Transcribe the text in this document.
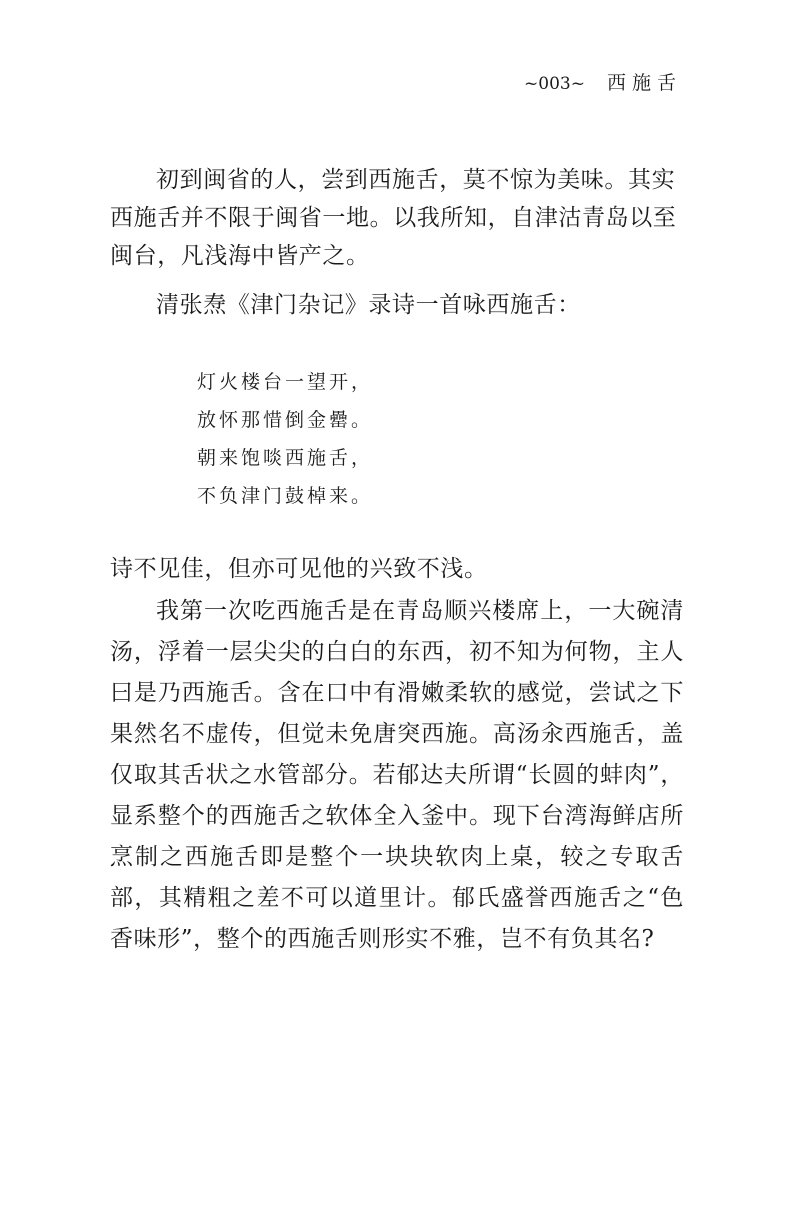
~003~ 西施舌

初到闽省的人，尝到西施舌，莫不惊为美味。其实西施舌并不限于闽省一地。以我所知，自津沽青岛以至闽台，凡浅海中皆产之。

清张焘《津门杂记》录诗一首咏西施舌：

灯火楼台一望开，
放怀那惜倒金罍。
朝来饱啖西施舌，
不负津门鼓棹来。

诗不见佳，但亦可见他的兴致不浅。

我第一次吃西施舌是在青岛顺兴楼席上，一大碗清汤，浮着一层尖尖的白白的东西，初不知为何物，主人曰是乃西施舌。含在口中有滑嫩柔软的感觉，尝试之下果然名不虚传，但觉未免唐突西施。高汤汆西施舌，盖仅取其舌状之水管部分。若郁达夫所谓“长圆的蚌肉”，显系整个的西施舌之软体全入釜中。现下台湾海鲜店所烹制之西施舌即是整个一块块软肉上桌，较之专取舌部，其精粗之差不可以道里计。郁氏盛誉西施舌之“色香味形”，整个的西施舌则形实不雅，岂不有负其名?
